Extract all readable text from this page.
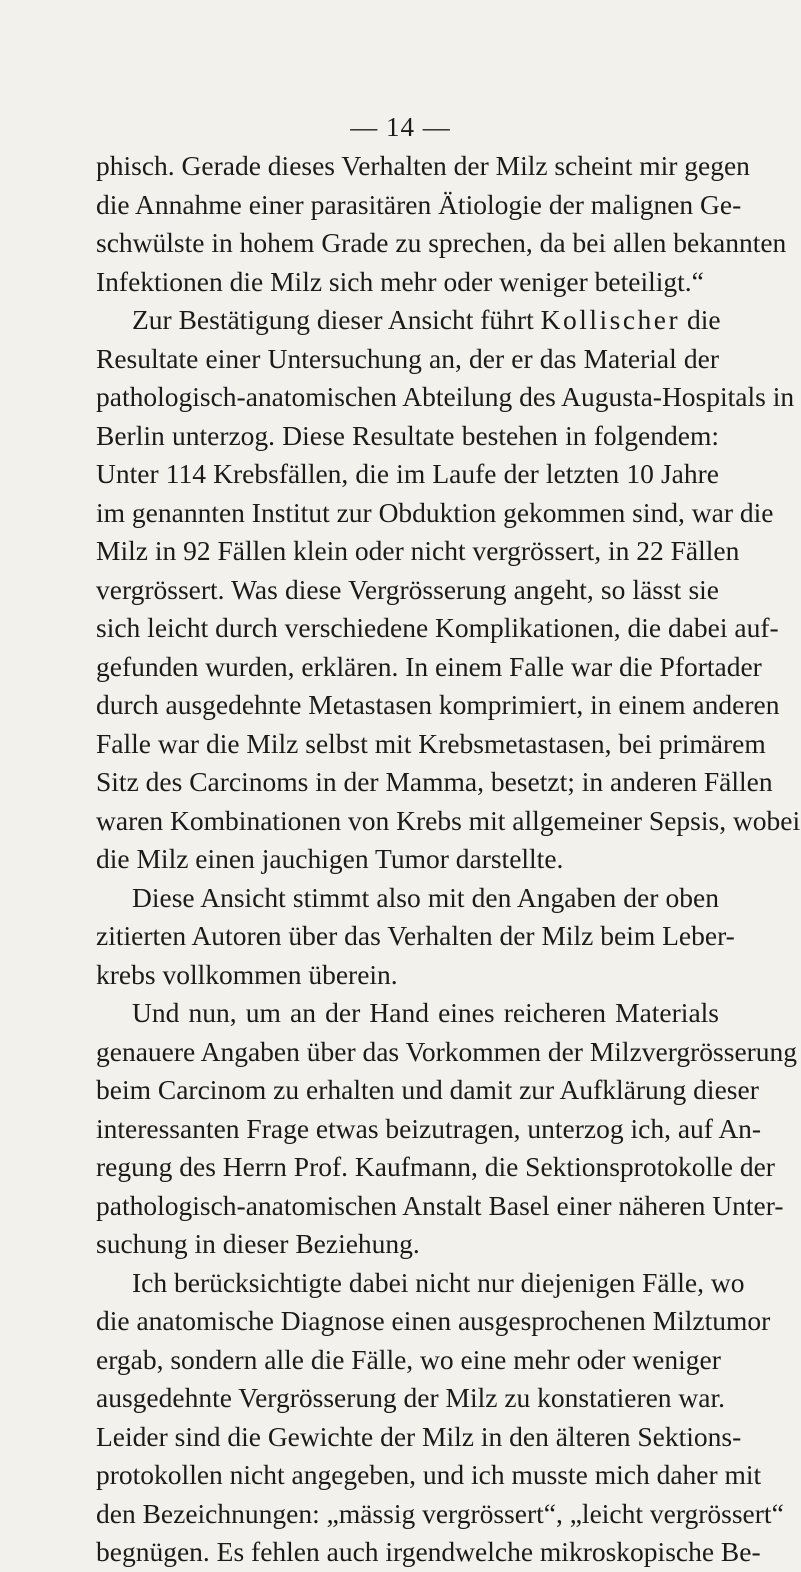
— 14 —
phisch. Gerade dieses Verhalten der Milz scheint mir gegen
die Annahme einer parasitären Ätiologie der malignen Ge-
schwülste in hohem Grade zu sprechen, da bei allen bekannten
Infektionen die Milz sich mehr oder weniger beteiligt.“
Zur Bestätigung dieser Ansicht führt Kollischer die
Resultate einer Untersuchung an, der er das Material der
pathologisch-anatomischen Abteilung des Augusta-Hospitals in
Berlin unterzog. Diese Resultate bestehen in folgendem:
Unter 114 Krebsfällen, die im Laufe der letzten 10 Jahre
im genannten Institut zur Obduktion gekommen sind, war die
Milz in 92 Fällen klein oder nicht vergrössert, in 22 Fällen
vergrössert. Was diese Vergrösserung angeht, so lässt sie
sich leicht durch verschiedene Komplikationen, die dabei auf-
gefunden wurden, erklären. In einem Falle war die Pfortader
durch ausgedehnte Metastasen komprimiert, in einem anderen
Falle war die Milz selbst mit Krebsmetastasen, bei primärem
Sitz des Carcinoms in der Mamma, besetzt; in anderen Fällen
waren Kombinationen von Krebs mit allgemeiner Sepsis, wobei
die Milz einen jauchigen Tumor darstellte.
Diese Ansicht stimmt also mit den Angaben der oben
zitierten Autoren über das Verhalten der Milz beim Leber-
krebs vollkommen überein.
Und nun, um an der Hand eines reicheren Materials
genauere Angaben über das Vorkommen der Milzvergrösserung
beim Carcinom zu erhalten und damit zur Aufklärung dieser
interessanten Frage etwas beizutragen, unterzog ich, auf An-
regung des Herrn Prof. Kaufmann, die Sektionsprotokolle der
pathologisch-anatomischen Anstalt Basel einer näheren Unter-
suchung in dieser Beziehung.
Ich berücksichtigte dabei nicht nur diejenigen Fälle, wo
die anatomische Diagnose einen ausgesprochenen Milztumor
ergab, sondern alle die Fälle, wo eine mehr oder weniger
ausgedehnte Vergrösserung der Milz zu konstatieren war.
Leider sind die Gewichte der Milz in den älteren Sektions-
protokollen nicht angegeben, und ich musste mich daher mit
den Bezeichnungen: „mässig vergrössert“, „leicht vergrössert“
begnügen. Es fehlen auch irgendwelche mikroskopische Be-
